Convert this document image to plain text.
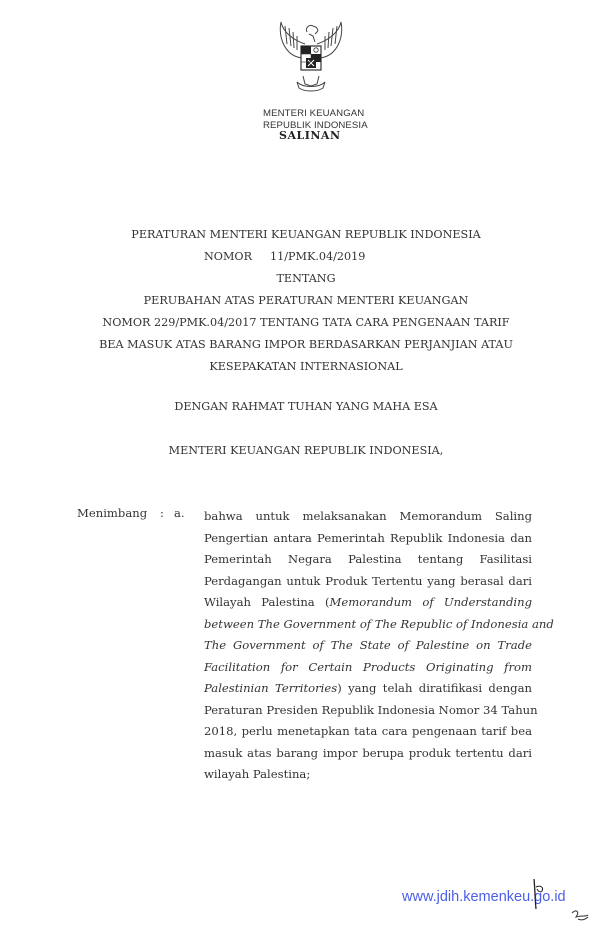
MENTERI KEUANGAN
REPUBLIK INDONESIA
SALINAN
PERATURAN MENTERI KEUANGAN REPUBLIK INDONESIA
NOMOR 11/PMK.04/2019
TENTANG
PERUBAHAN ATAS PERATURAN MENTERI KEUANGAN
NOMOR 229/PMK.04/2017 TENTANG TATA CARA PENGENAAN TARIF
BEA MASUK ATAS BARANG IMPOR BERDASARKAN PERJANJIAN ATAU
KESEPAKATAN INTERNASIONAL
DENGAN RAHMAT TUHAN YANG MAHA ESA
MENTERI KEUANGAN REPUBLIK INDONESIA,
Menimbang : a. bahwa untuk melaksanakan Memorandum Saling
Pengertian antara Pemerintah Republik Indonesia dan
Pemerintah Negara Palestina tentang Fasilitasi
Perdagangan untuk Produk Tertentu yang berasal dari
Wilayah Palestina (Memorandum of Understanding
between The Government of The Republic of Indonesia and
The Government of The State of Palestine on Trade
Facilitation for Certain Products Originating from
Palestinian Territories) yang telah diratifikasi dengan
Peraturan Presiden Republik Indonesia Nomor 34 Tahun
2018, perlu menetapkan tata cara pengenaan tarif bea
masuk atas barang impor berupa produk tertentu dari
wilayah Palestina;
www.jdih.kemenkeu.go.id
